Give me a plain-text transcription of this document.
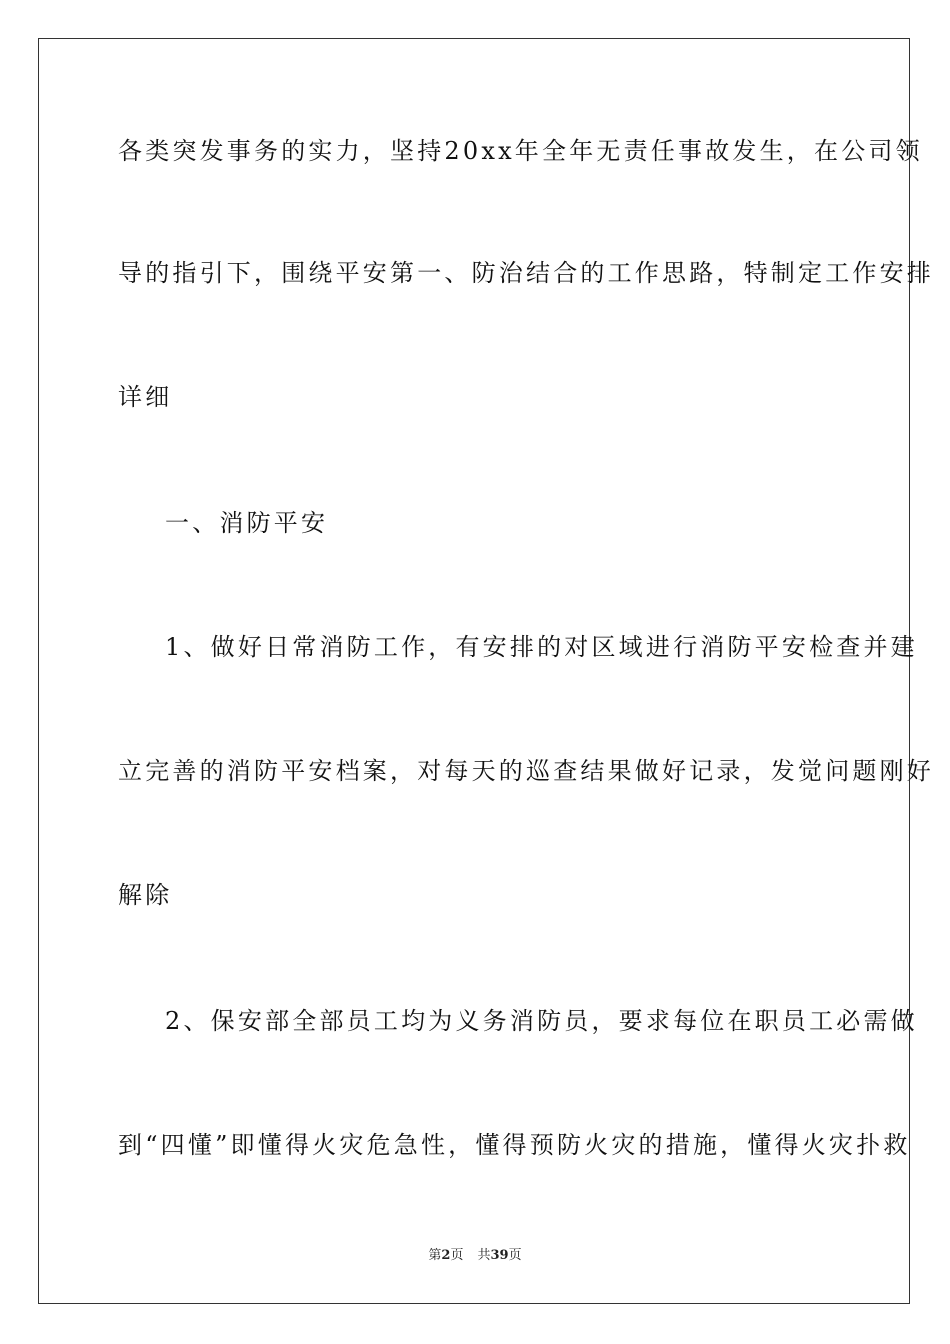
各类突发事务的实力，坚持20xx年全年无责任事故发生，在公司领
导的指引下，围绕平安第一、防治结合的工作思路，特制定工作安排
详细
一、消防平安
1、做好日常消防工作，有安排的对区域进行消防平安检查并建
立完善的消防平安档案，对每天的巡查结果做好记录，发觉问题刚好
解除
2、保安部全部员工均为义务消防员，要求每位在职员工必需做
到“四懂”即懂得火灾危急性，懂得预防火灾的措施，懂得火灾扑救
第2页 共39页
